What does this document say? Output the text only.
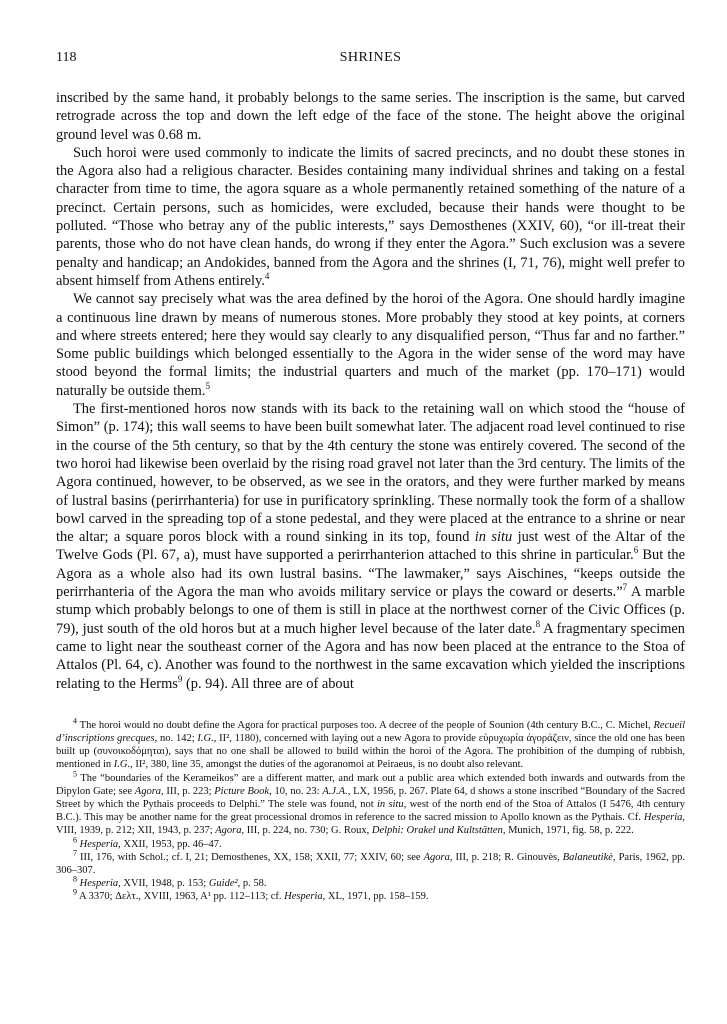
118	SHRINES

inscribed by the same hand, it probably belongs to the same series. The inscription is the same, but carved retrograde across the top and down the left edge of the face of the stone. The height above the original ground level was 0.68 m.

Such horoi were used commonly to indicate the limits of sacred precincts, and no doubt these stones in the Agora also had a religious character. Besides containing many individual shrines and taking on a festal character from time to time, the agora square as a whole permanently retained something of the nature of a precinct. Certain persons, such as homicides, were excluded, because their hands were thought to be polluted. “Those who betray any of the public interests,” says Demosthenes (XXIV, 60), “or ill-treat their parents, those who do not have clean hands, do wrong if they enter the Agora.” Such exclusion was a severe penalty and handicap; an Andokides, banned from the Agora and the shrines (I, 71, 76), might well prefer to absent himself from Athens entirely.$^4$

We cannot say precisely what was the area defined by the horoi of the Agora. One should hardly imagine a continuous line drawn by means of numerous stones. More probably they stood at key points, at corners and where streets entered; here they would say clearly to any disqualified person, “Thus far and no farther.” Some public buildings which belonged essentially to the Agora in the wider sense of the word may have stood beyond the formal limits; the industrial quarters and much of the market (pp. 170–171) would naturally be outside them.$^5$

The first-mentioned horos now stands with its back to the retaining wall on which stood the “house of Simon” (p. 174); this wall seems to have been built somewhat later. The adjacent road level continued to rise in the course of the 5th century, so that by the 4th century the stone was entirely covered. The second of the two horoi had likewise been overlaid by the rising road gravel not later than the 3rd century. The limits of the Agora continued, however, to be observed, as we see in the orators, and they were further marked by means of lustral basins (perirrhanteria) for use in purificatory sprinkling. These normally took the form of a shallow bowl carved in the spreading top of a stone pedestal, and they were placed at the entrance to a shrine or near the altar; a square poros block with a round sinking in its top, found in situ just west of the Altar of the Twelve Gods (Pl. 67, a), must have supported a perirrhanterion attached to this shrine in particular.$^6$ But the Agora as a whole also had its own lustral basins. “The lawmaker,” says Aischines, “keeps outside the perirrhanteria of the Agora the man who avoids military service or plays the coward or deserts.”$^7$ A marble stump which probably belongs to one of them is still in place at the northwest corner of the Civic Offices (p. 79), just south of the old horos but at a much higher level because of the later date.$^8$ A fragmentary specimen came to light near the southeast corner of the Agora and has now been placed at the entrance to the Stoa of Attalos (Pl. 64, c). Another was found to the northwest in the same excavation which yielded the inscriptions relating to the Herms$^9$ (p. 94). All three are of about

$^4$ The horoi would no doubt define the Agora for practical purposes too. A decree of the people of Sounion (4th century B.C., C. Michel, Recueil d’inscriptions grecques, no. 142; I.G., II², 1180), concerned with laying out a new Agora to provide εὐρυχωρία ἀγοράζειν, since the old one has been built up (συνοικοδόμηται), says that no one shall be allowed to build within the horoi of the Agora. The prohibition of the dumping of rubbish, mentioned in I.G., II², 380, line 35, amongst the duties of the agoranomoi at Peiraeus, is no doubt also relevant.

$^5$ The “boundaries of the Kerameikos” are a different matter, and mark out a public area which extended both inwards and outwards from the Dipylon Gate; see Agora, III, p. 223; Picture Book, 10, no. 23: A.J.A., LX, 1956, p. 267. Plate 64, d shows a stone inscribed “Boundary of the Sacred Street by which the Pythais proceeds to Delphi.” The stele was found, not in situ, west of the north end of the Stoa of Attalos (I 5476, 4th century B.C.). This may be another name for the great processional dromos in reference to the sacred mission to Apollo known as the Pythais. Cf. Hesperia, VIII, 1939, p. 212; XII, 1943, p. 237; Agora, III, p. 224, no. 730; G. Roux, Delphi: Orakel und Kultstätten, Munich, 1971, fig. 58, p. 222.

$^6$ Hesperia, XXII, 1953, pp. 46–47.

$^7$ III, 176, with Schol.; cf. I, 21; Demosthenes, XX, 158; XXII, 77; XXIV, 60; see Agora, III, p. 218; R. Ginouvès, Balaneutikè, Paris, 1962, pp. 306–307.

$^8$ Hesperia, XVII, 1948, p. 153; Guide², p. 58.

$^9$ A 3370; Δελτ., XVIII, 1963, A¹ pp. 112–113; cf. Hesperia, XL, 1971, pp. 158–159.
